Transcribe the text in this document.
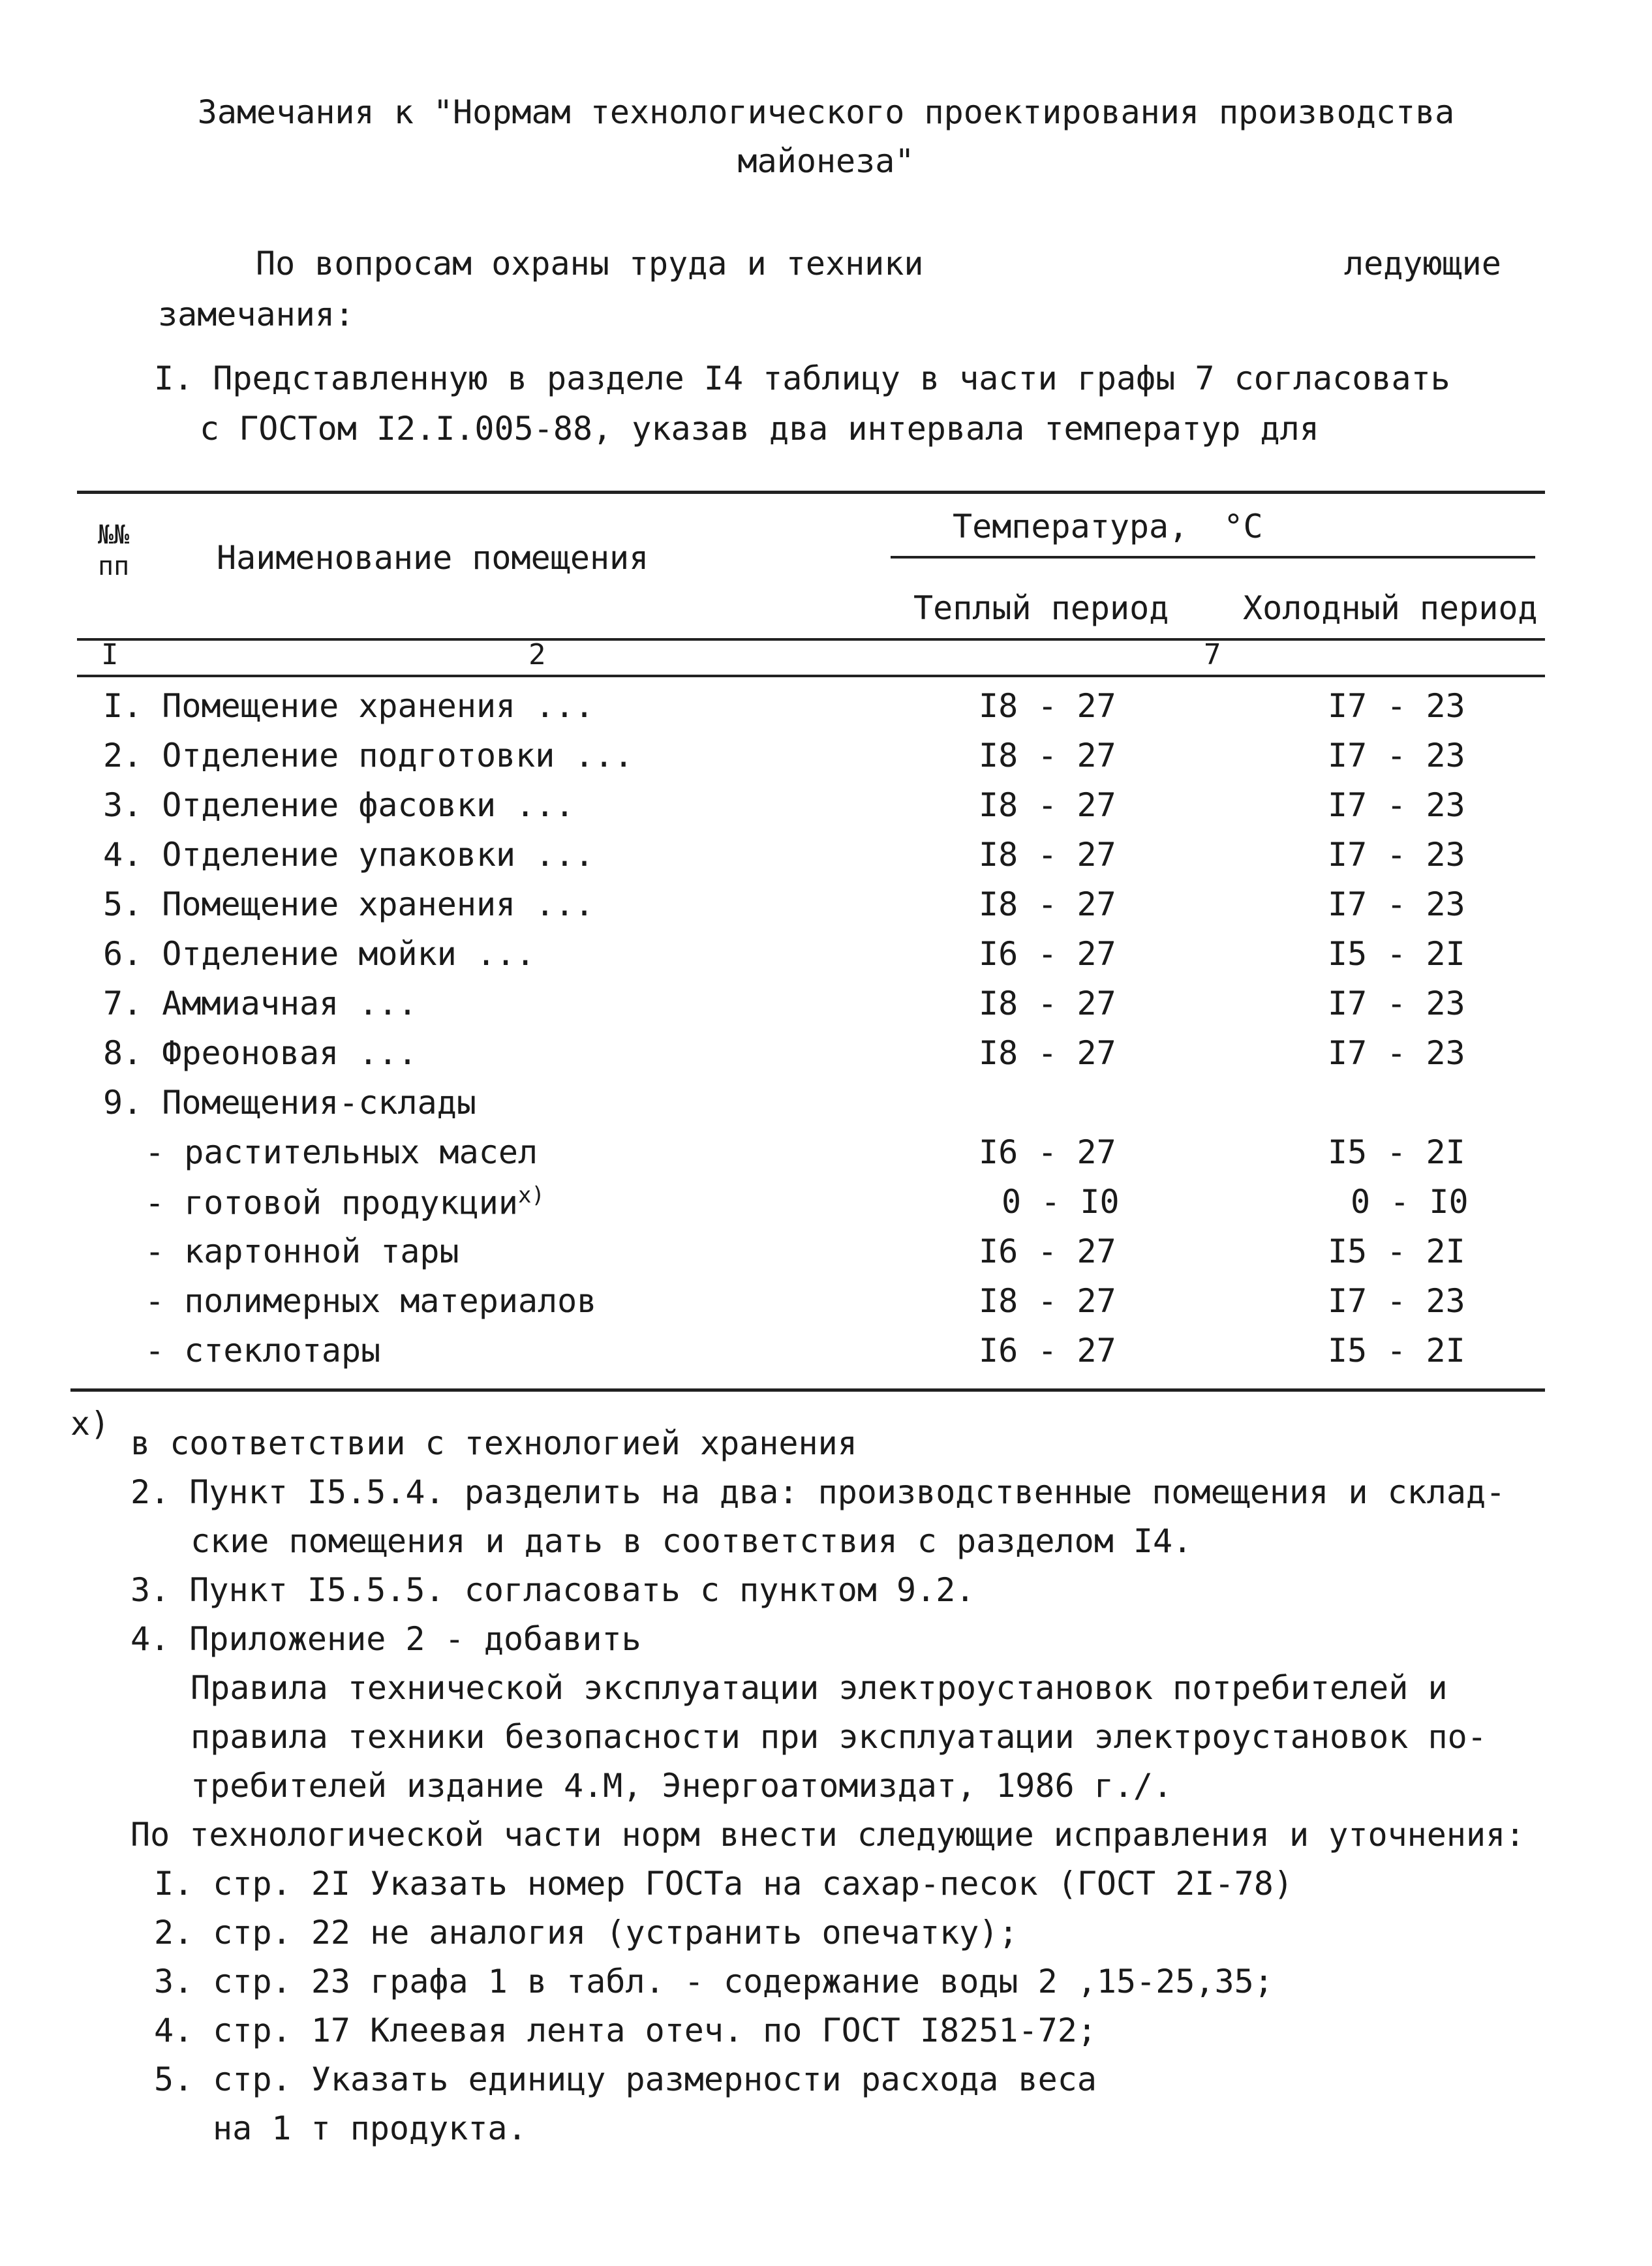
Замечания к "Нормам технологического проектирования производства
майонеза"
По вопросам охраны труда и техники	ледующие
замечания:
I. Представленную в разделе I4 таблицу в части графы 7 согласовать
с ГОСТом I2.I.005-88, указав два интервала температур для
№№
пп	Наименование помещения
Температура, °С
Теплый период Холодный период
I	2	7
I. Помещение хранения ...	I8 - 27	I7 - 23
2. Отделение подготовки ...	I8 - 27	I7 - 23
3. Отделение фасовки ...	I8 - 27	I7 - 23
4. Отделение упаковки ...	I8 - 27	I7 - 23
5. Помещение хранения ...	I8 - 27	I7 - 23
6. Отделение мойки ...	I6 - 27	I5 - 2I
7. Аммиачная ...	I8 - 27	I7 - 23
8. Фреоновая ...	I8 - 27	I7 - 23
9. Помещения-склады
- растительных масел	I6 - 27	I5 - 2I
- готовой продукции$^{x)}$	0 - I0	0 - I0
- картонной тары	I6 - 27	I5 - 2I
- полимерных материалов	I8 - 27	I7 - 23
- стеклотары	I6 - 27	I5 - 2I
x)
в соответствии с технологией хранения
2. Пункт I5.5.4. разделить на два: производственные помещения и склад-
ские помещения и дать в соответствия с разделом I4.
3. Пункт I5.5.5. согласовать с пунктом 9.2.
4. Приложение 2 - добавить
Правила технической эксплуатации электроустановок потребителей и
правила техники безопасности при эксплуатации электроустановок по-
требителей издание 4.М, Энергоатомиздат, 1986 г./.
По технологической части норм внести следующие исправления и уточнения:
I. стр. 2I Указать номер ГОСТа на сахар-песок (ГОСТ 2I-78)
2. стр. 22 не аналогия (устранить опечатку);
3. стр. 23 графа 1 в табл. - содержание воды 2 ,15-25,35;
4. стр. 17 Клеевая лента отеч. по ГОСТ I8251-72;
5. стр. Указать единицу размерности расхода веса
на 1 т продукта.
